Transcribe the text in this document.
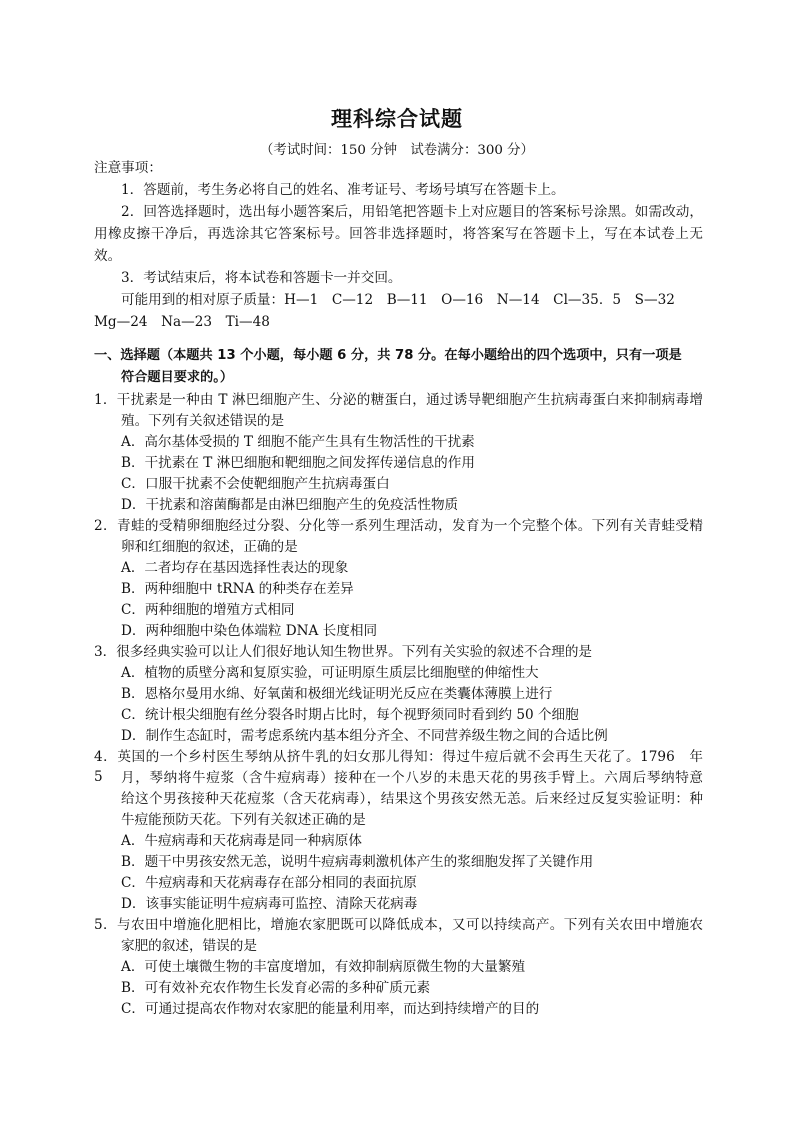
理科综合试题
（考试时间：150 分钟　试卷满分：300 分）
注意事项：
1．答题前，考生务必将自己的姓名、准考证号、考场号填写在答题卡上。
2．回答选择题时，选出每小题答案后，用铅笔把答题卡上对应题目的答案标号涂黑。如需改动，
用橡皮擦干净后，再选涂其它答案标号。回答非选择题时，将答案写在答题卡上，写在本试卷上无
效。
3．考试结束后，将本试卷和答题卡一并交回。
可能用到的相对原子质量：H—1　C—12　B—11　O—16　N—14　Cl—35．5　S—32
Mg—24　Na—23　Ti—48
一、选择题（本题共 13 个小题，每小题 6 分，共 78 分。在每小题给出的四个选项中，只有一项是
符合题目要求的。）
1．干扰素是一种由 T 淋巴细胞产生、分泌的糖蛋白，通过诱导靶细胞产生抗病毒蛋白来抑制病毒增
殖。下列有关叙述错误的是
A．高尔基体受损的 T 细胞不能产生具有生物活性的干扰素
B．干扰素在 T 淋巴细胞和靶细胞之间发挥传递信息的作用
C．口服干扰素不会使靶细胞产生抗病毒蛋白
D．干扰素和溶菌酶都是由淋巴细胞产生的免疫活性物质
2．青蛙的受精卵细胞经过分裂、分化等一系列生理活动，发育为一个完整个体。下列有关青蛙受精
卵和红细胞的叙述，正确的是
A．二者均存在基因选择性表达的现象
B．两种细胞中 tRNA 的种类存在差异
C．两种细胞的增殖方式相同
D．两种细胞中染色体端粒 DNA 长度相同
3．很多经典实验可以让人们很好地认知生物世界。下列有关实验的叙述不合理的是
A．植物的质壁分离和复原实验，可证明原生质层比细胞壁的伸缩性大
B．恩格尔曼用水绵、好氧菌和极细光线证明光反应在类囊体薄膜上进行
C．统计根尖细胞有丝分裂各时期占比时，每个视野须同时看到约 50 个细胞
D．制作生态缸时，需考虑系统内基本组分齐全、不同营养级生物之间的合适比例
4．英国的一个乡村医生琴纳从挤牛乳的妇女那儿得知：得过牛痘后就不会再生天花了。1796　年　5	月，琴纳将牛痘浆（含牛痘病毒）接种在一个八岁的未患天花的男孩手臂上。六周后琴纳特意
给这个男孩接种天花痘浆（含天花病毒），结果这个男孩安然无恙。后来经过反复实验证明：种
牛痘能预防天花。下列有关叙述正确的是
A．牛痘病毒和天花病毒是同一种病原体
B．题干中男孩安然无恙，说明牛痘病毒刺激机体产生的浆细胞发挥了关键作用
C．牛痘病毒和天花病毒存在部分相同的表面抗原
D．该事实能证明牛痘病毒可监控、清除天花病毒
5．与农田中增施化肥相比，增施农家肥既可以降低成本，又可以持续高产。下列有关农田中增施农
家肥的叙述，错误的是
A．可使土壤微生物的丰富度增加，有效抑制病原微生物的大量繁殖
B．可有效补充农作物生长发育必需的多种矿质元素
C．可通过提高农作物对农家肥的能量利用率，而达到持续增产的目的
